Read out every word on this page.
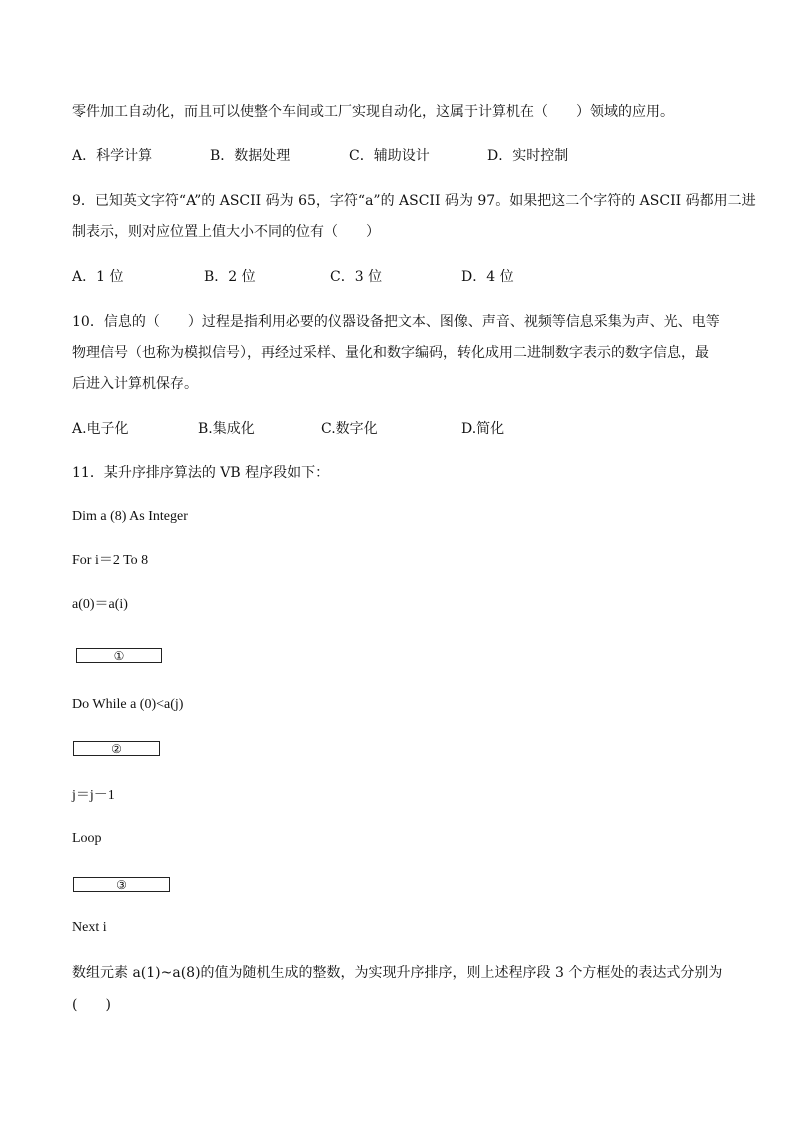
零件加工自动化，而且可以使整个车间或工厂实现自动化，这属于计算机在（　　）领域的应用。
A．科学计算	B．数据处理	C．辅助设计	D．实时控制
9．已知英文字符“A”的 ASCII 码为 65，字符“a”的 ASCII 码为 97。如果把这二个字符的 ASCII 码都用二进
制表示，则对应位置上值大小不同的位有（　　）
A．1 位	B．2 位	C．3 位	D．4 位
10．信息的（　　）过程是指利用必要的仪器设备把文本、图像、声音、视频等信息采集为声、光、电等
物理信号（也称为模拟信号），再经过采样、量化和数字编码，转化成用二进制数字表示的数字信息，最
后进入计算机保存。
A.电子化	B.集成化	C.数字化	D.简化
11．某升序排序算法的 VB 程序段如下：
Dim a (8) As Integer
For i＝2 To 8
a(0)＝a(i)
①
Do While a (0)<a(j)
②
j＝j－1
Loop
③
Next i
数组元素 a(1)~a(8)的值为随机生成的整数，为实现升序排序，则上述程序段 3 个方框处的表达式分别为
(　　)
